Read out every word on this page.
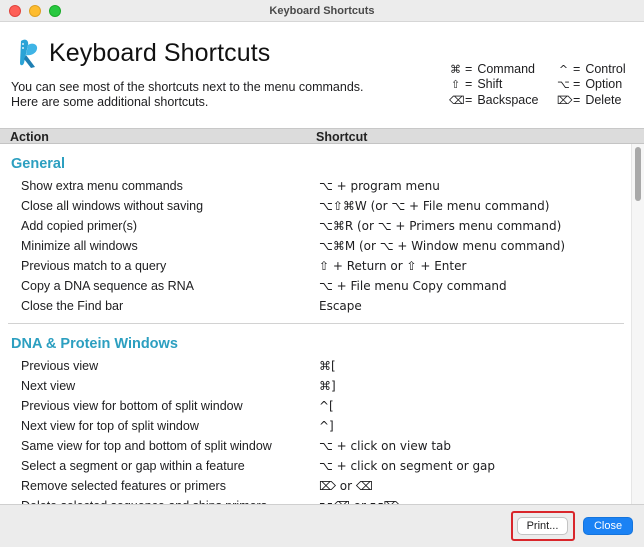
Keyboard Shortcuts
Keyboard Shortcuts
You can see most of the shortcuts next to the menu commands.
Here are some additional shortcuts.
⌘ = Command ^ = Control
⇧ = Shift	⌥ = Option
⌫ = Backspace ⌦ = Delete
Action	Shortcut
General
Show extra menu commands	⌥ + program menu
Close all windows without saving	⌥⇧⌘W (or ⌥ + File menu command)
Add copied primer(s)	⌥⌘R (or ⌥ + Primers menu command)
Minimize all windows	⌥⌘M (or ⌥ + Window menu command)
Previous match to a query	⇧ + Return or ⇧ + Enter
Copy a DNA sequence as RNA	⌥ + File menu Copy command
Close the Find bar	Escape
DNA & Protein Windows
Previous view	⌘[
Next view	⌘]
Previous view for bottom of split window	^[
Next view for top of split window	^]
Same view for top and bottom of split window	⌥ + click on view tab
Select a segment or gap within a feature	⌥ + click on segment or gap
Remove selected features or primers	⌦ or ⌫
Print...	Close
